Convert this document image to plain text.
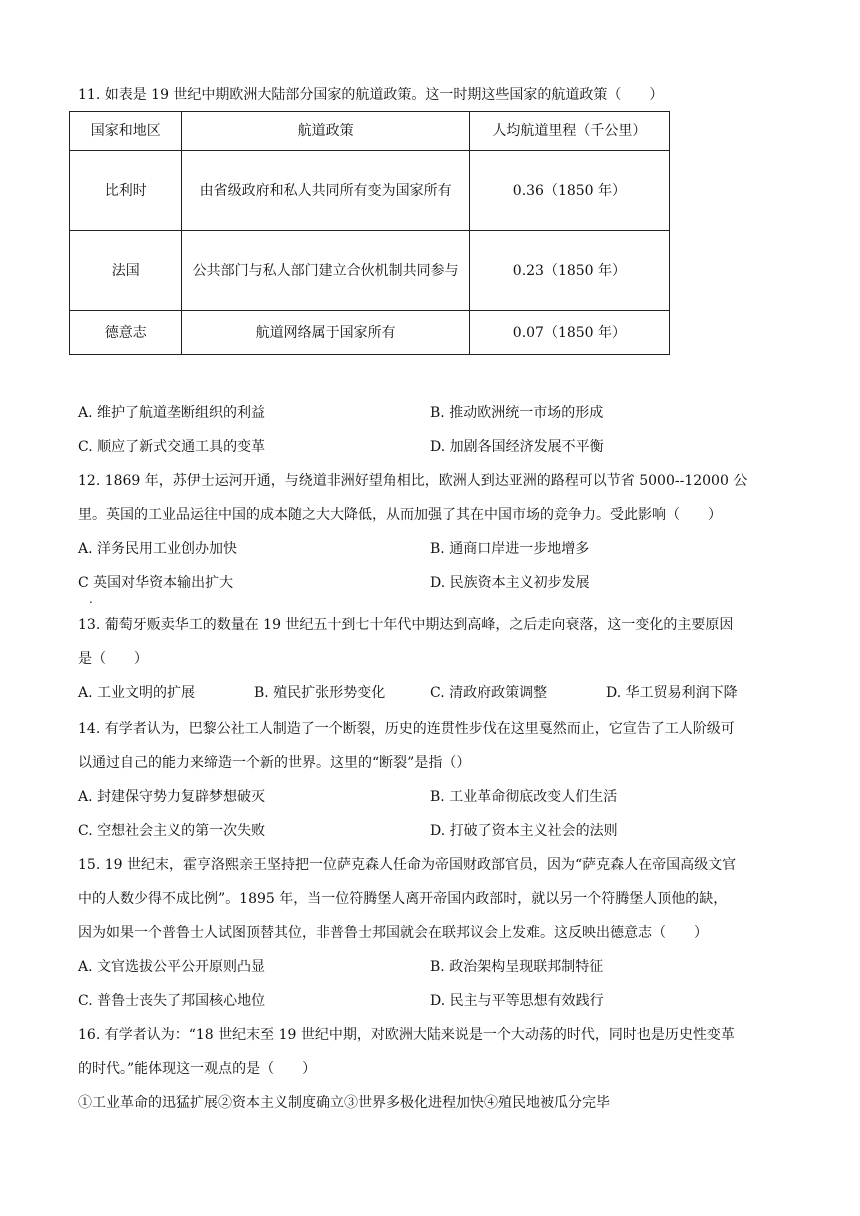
11. 如表是 19 世纪中期欧洲大陆部分国家的航道政策。这一时期这些国家的航道政策（　　）
国家和地区	航道政策	人均航道里程（千公里）
比利时	由省级政府和私人共同所有变为国家所有	0.36（1850 年）
法国	公共部门与私人部门建立合伙机制共同参与	0.23（1850 年）
德意志	航道网络属于国家所有	0.07（1850 年）
A. 维护了航道垄断组织的利益	B. 推动欧洲统一市场的形成
C. 顺应了新式交通工具的变革	D. 加剧各国经济发展不平衡
12. 1869 年，苏伊士运河开通，与绕道非洲好望角相比，欧洲人到达亚洲的路程可以节省 5000--12000 公
里。英国的工业品运往中国的成本随之大大降低，从而加强了其在中国市场的竞争力。受此影响（　　）
A. 洋务民用工业创办加快	B. 通商口岸进一步地增多
C 英国对华资本输出扩大	D. 民族资本主义初步发展
.
13. 葡萄牙贩卖华工的数量在 19 世纪五十到七十年代中期达到高峰，之后走向衰落，这一变化的主要原因
是（　　）
A. 工业文明的扩展	B. 殖民扩张形势变化	C. 清政府政策调整	D. 华工贸易利润下降
14. 有学者认为，巴黎公社工人制造了一个断裂，历史的连贯性步伐在这里戛然而止，它宣告了工人阶级可
以通过自己的能力来缔造一个新的世界。这里的“断裂”是指（）
A. 封建保守势力复辟梦想破灭	B. 工业革命彻底改变人们生活
C. 空想社会主义的第一次失败	D. 打破了资本主义社会的法则
15. 19 世纪末，霍亨洛熙亲王坚持把一位萨克森人任命为帝国财政部官员，因为“萨克森人在帝国高级文官
中的人数少得不成比例”。1895 年，当一位符腾堡人离开帝国内政部时，就以另一个符腾堡人顶他的缺，
因为如果一个普鲁士人试图顶替其位，非普鲁士邦国就会在联邦议会上发难。这反映出德意志（　　）
A. 文官选拔公平公开原则凸显	B. 政治架构呈现联邦制特征
C. 普鲁士丧失了邦国核心地位	D. 民主与平等思想有效践行
16. 有学者认为：“18 世纪末至 19 世纪中期，对欧洲大陆来说是一个大动荡的时代，同时也是历史性变革
的时代。”能体现这一观点的是（　　）
①工业革命的迅猛扩展②资本主义制度确立③世界多极化进程加快④殖民地被瓜分完毕
